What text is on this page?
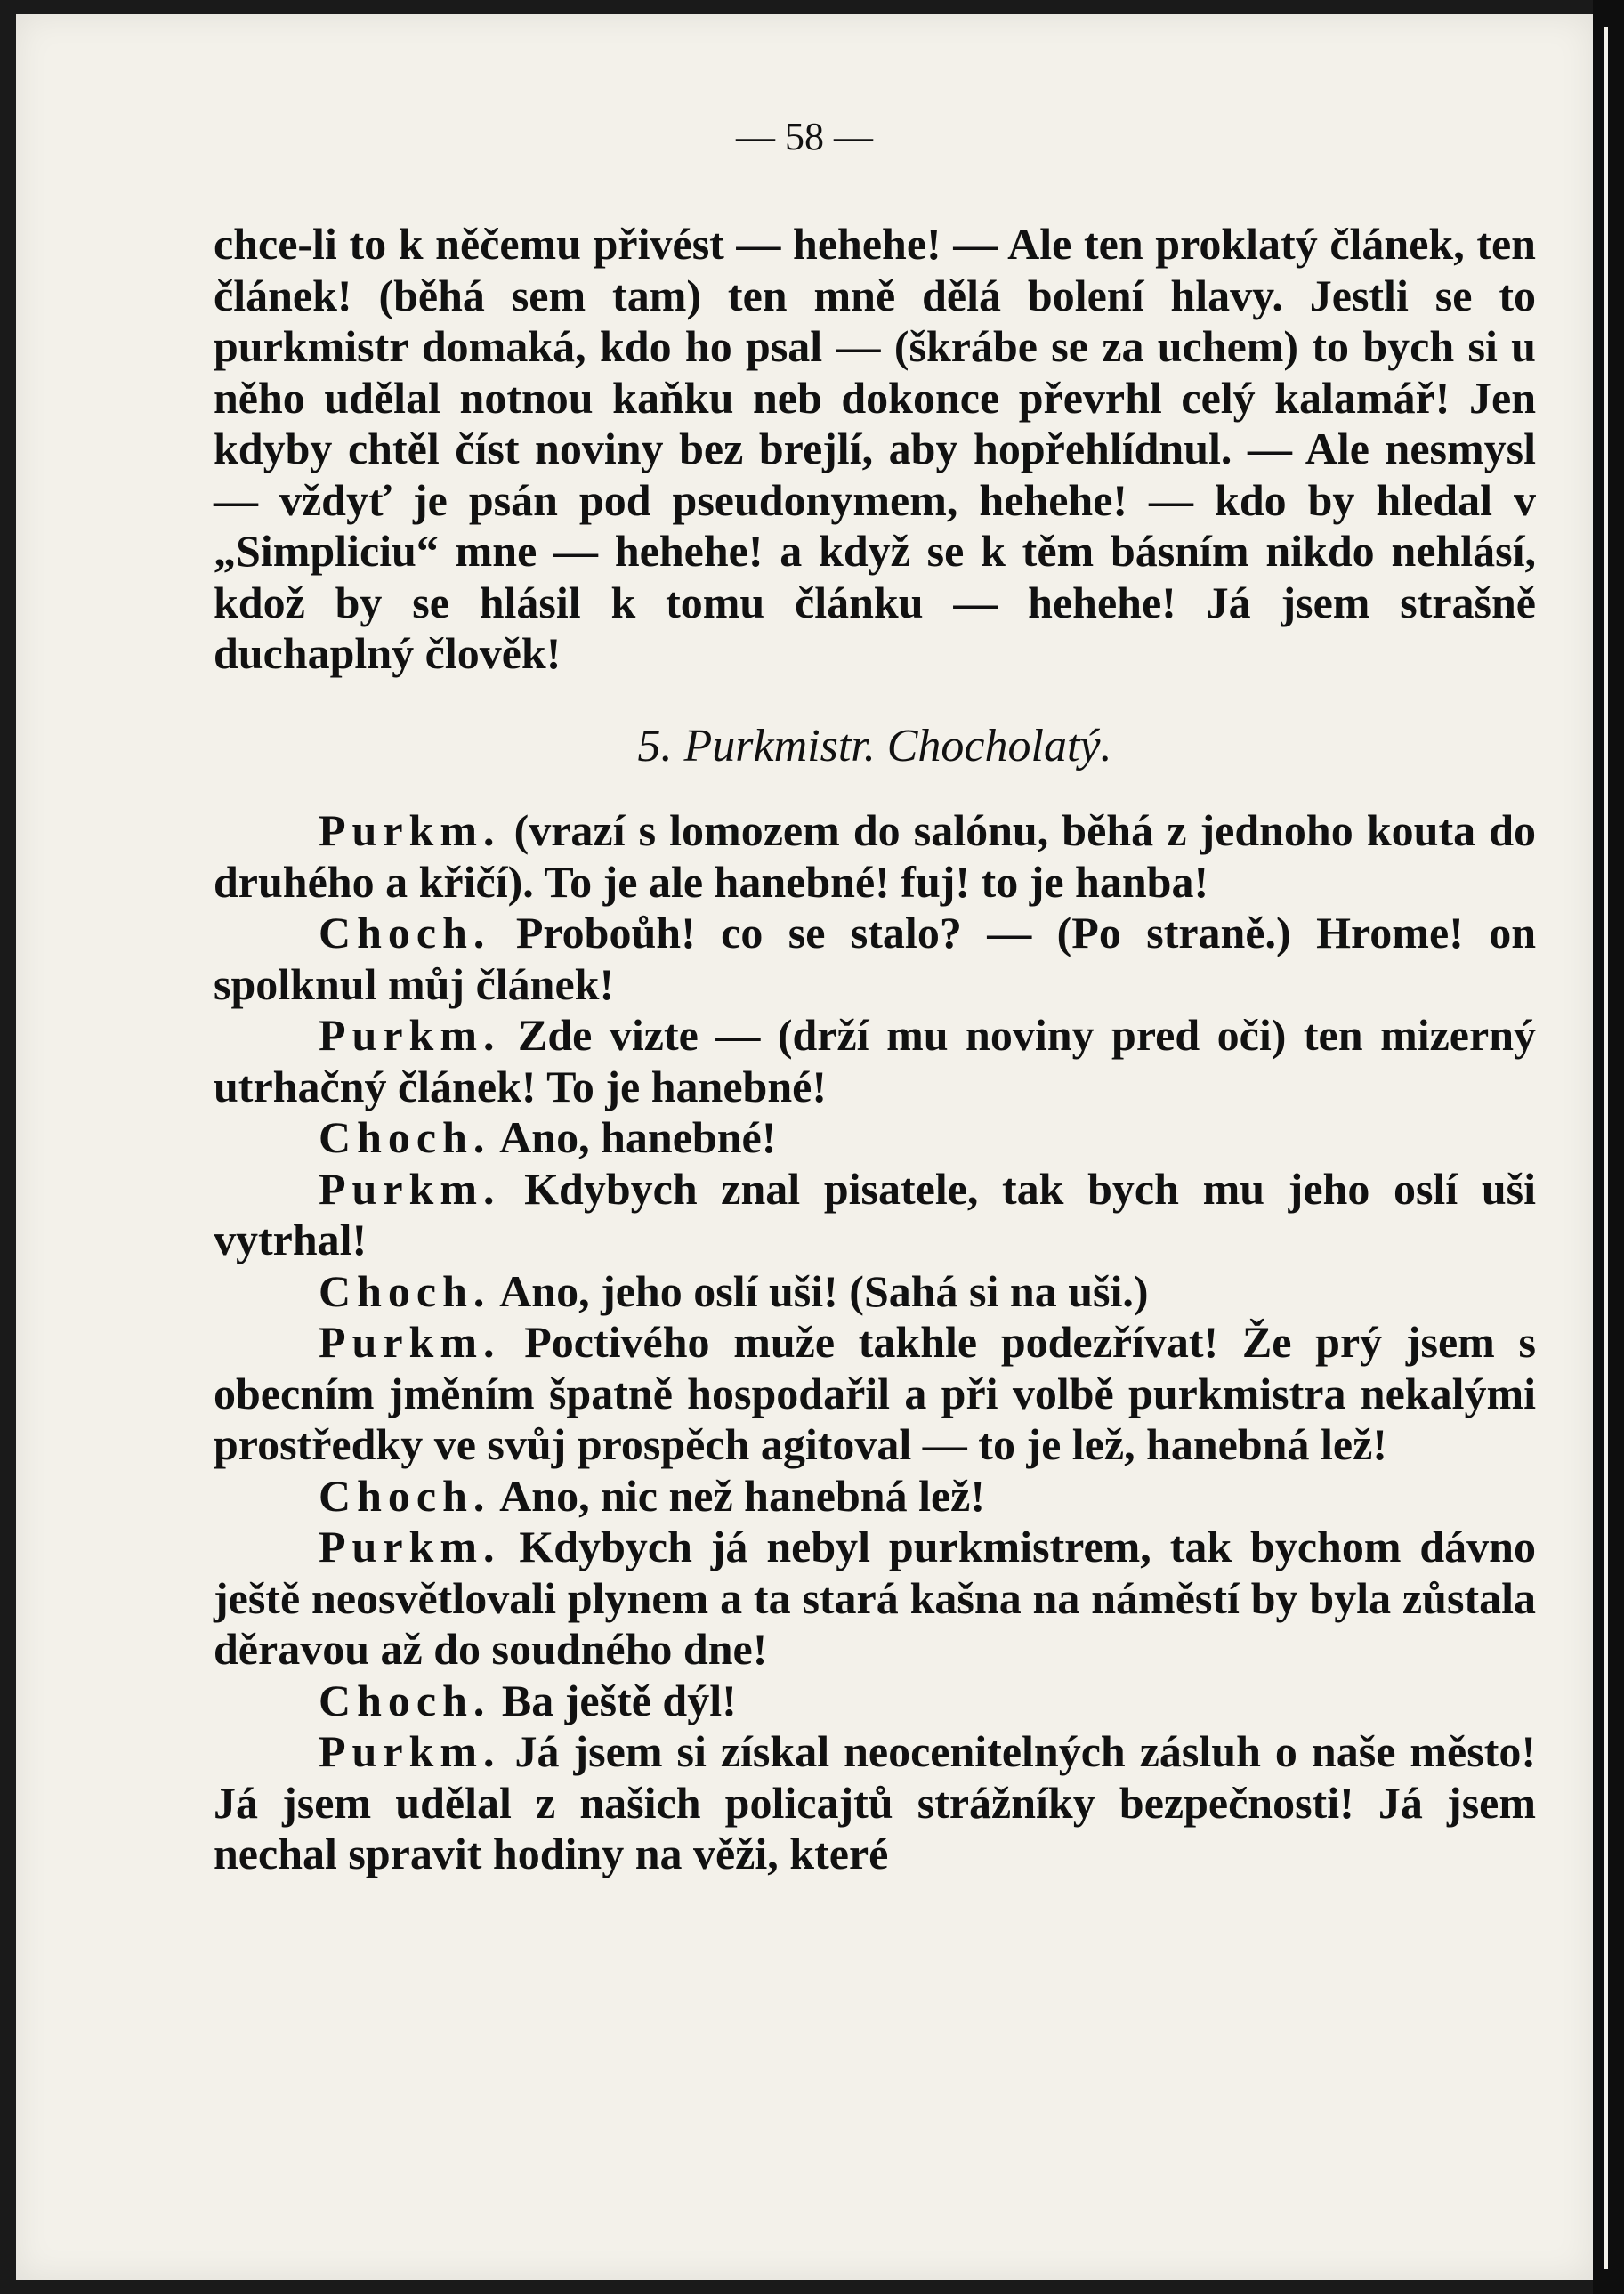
— 58 —

chce-li to k něčemu přivést — hehehe! — Ale ten proklatý článek, ten článek! (běhá sem tam) ten mně dělá bolení hlavy. Jestli se to purkmistr domaká, kdo ho psal — (škrábe se za uchem) to bych si u něho udělal notnou kaňku neb dokonce převrhl celý kalamář! Jen kdyby chtěl číst noviny bez brejlí, aby hopřehlídnul. — Ale nesmysl — vždyť je psán pod pseudonymem, hehehe! — kdo by hledal v „Simpliciu“ mne — hehehe! a když se k těm básním nikdo nehlásí, kdož by se hlásil k tomu článku — hehehe! Já jsem strašně duchaplný člověk!

5. Purkmistr. Chocholatý.

Purkm. (vrazí s lomozem do salónu, běhá z jednoho kouta do druhého a křičí). To je ale hanebné! fuj! to je hanba!

Choch. Proboůh! co se stalo? — (Po straně.) Hrome! on spolknul můj článek!

Purkm. Zde vizte — (drží mu noviny pred oči) ten mizerný utrhačný článek! To je hanebné!

Choch. Ano, hanebné!

Purkm. Kdybych znal pisatele, tak bych mu jeho oslí uši vytrhal!

Choch. Ano, jeho oslí uši! (Sahá si na uši.)

Purkm. Poctivého muže takhle podezřívat! Že prý jsem s obecním jměním špatně hospodařil a při volbě purkmistra nekalými prostředky ve svůj prospěch agitoval — to je lež, hanebná lež!

Choch. Ano, nic než hanebná lež!

Purkm. Kdybych já nebyl purkmistrem, tak bychom dávno ještě neosvětlovali plynem a ta stará kašna na náměstí by byla zůstala děravou až do soudného dne!

Choch. Ba ještě dýl!

Purkm. Já jsem si získal neocenitelných zásluh o naše město! Já jsem udělal z našich policajtů strážníky bezpečnosti! Já jsem nechal spravit hodiny na věži, které
